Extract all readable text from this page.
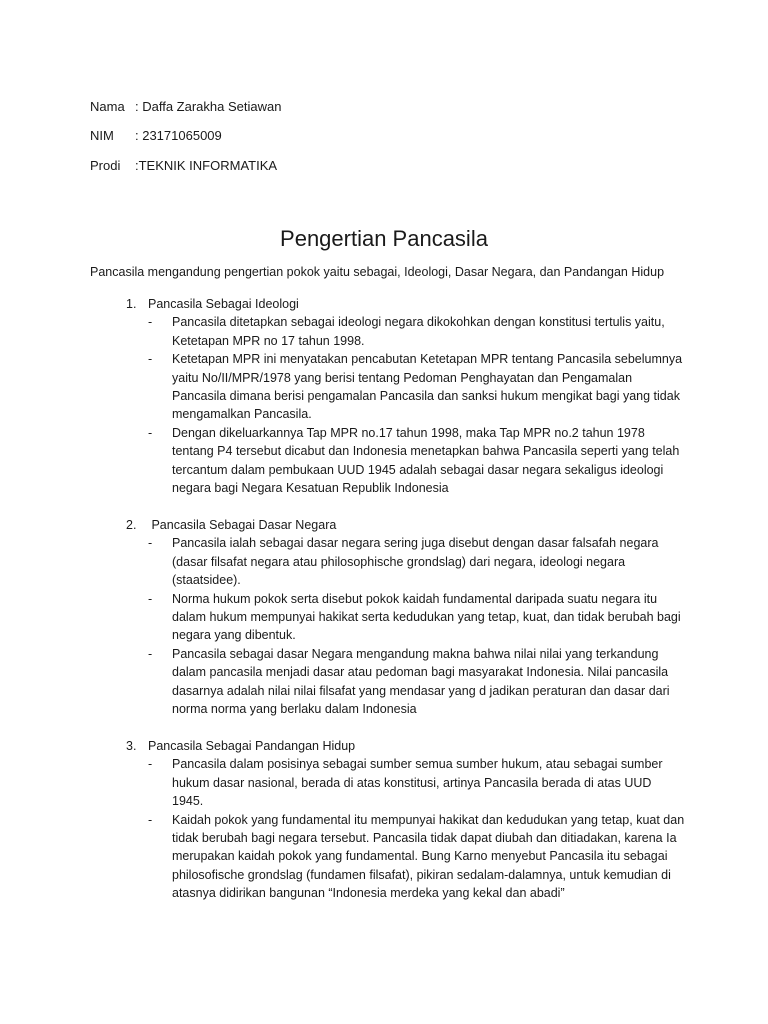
Nama : Daffa Zarakha Setiawan
NIM	: 23171065009
Prodi	:TEKNIK INFORMATIKA
Pengertian Pancasila

Pancasila mengandung pengertian pokok yaitu sebagai, Ideologi, Dasar Negara, dan Pandangan Hidup

1. Pancasila Sebagai Ideologi
-	Pancasila ditetapkan sebagai ideologi negara dikokohkan dengan konstitusi tertulis yaitu, Ketetapan MPR no 17 tahun 1998.
-	Ketetapan MPR ini menyatakan pencabutan Ketetapan MPR tentang Pancasila sebelumnya yaitu No/II/MPR/1978 yang berisi tentang Pedoman Penghayatan dan Pengamalan Pancasila dimana berisi pengamalan Pancasila dan sanksi hukum mengikat bagi yang tidak mengamalkan Pancasila.
-	Dengan dikeluarkannya Tap MPR no.17 tahun 1998, maka Tap MPR no.2 tahun 1978 tentang P4 tersebut dicabut dan Indonesia menetapkan bahwa Pancasila seperti yang telah tercantum dalam pembukaan UUD 1945 adalah sebagai dasar negara sekaligus ideologi negara bagi Negara Kesatuan Republik Indonesia
2. Pancasila Sebagai Dasar Negara
-	Pancasila ialah sebagai dasar negara sering juga disebut dengan dasar falsafah negara (dasar filsafat negara atau philosophische grondslag) dari negara, ideologi negara (staatsidee).
-	Norma hukum pokok serta disebut pokok kaidah fundamental daripada suatu negara itu dalam hukum mempunyai hakikat serta kedudukan yang tetap, kuat, dan tidak berubah bagi negara yang dibentuk.
-	Pancasila sebagai dasar Negara mengandung makna bahwa nilai nilai yang terkandung dalam pancasila menjadi dasar atau pedoman bagi masyarakat Indonesia. Nilai pancasila dasarnya adalah nilai nilai filsafat yang mendasar yang d jadikan peraturan dan dasar dari norma norma yang berlaku dalam Indonesia
3. Pancasila Sebagai Pandangan Hidup
-	Pancasila dalam posisinya sebagai sumber semua sumber hukum, atau sebagai sumber hukum dasar nasional, berada di atas konstitusi, artinya Pancasila berada di atas UUD 1945.
-	Kaidah pokok yang fundamental itu mempunyai hakikat dan kedudukan yang tetap, kuat dan tidak berubah bagi negara tersebut. Pancasila tidak dapat diubah dan ditiadakan, karena Ia merupakan kaidah pokok yang fundamental. Bung Karno menyebut Pancasila itu sebagai philosofische grondslag (fundamen filsafat), pikiran sedalam-dalamnya, untuk kemudian di atasnya didirikan bangunan “Indonesia merdeka yang kekal dan abadi”
